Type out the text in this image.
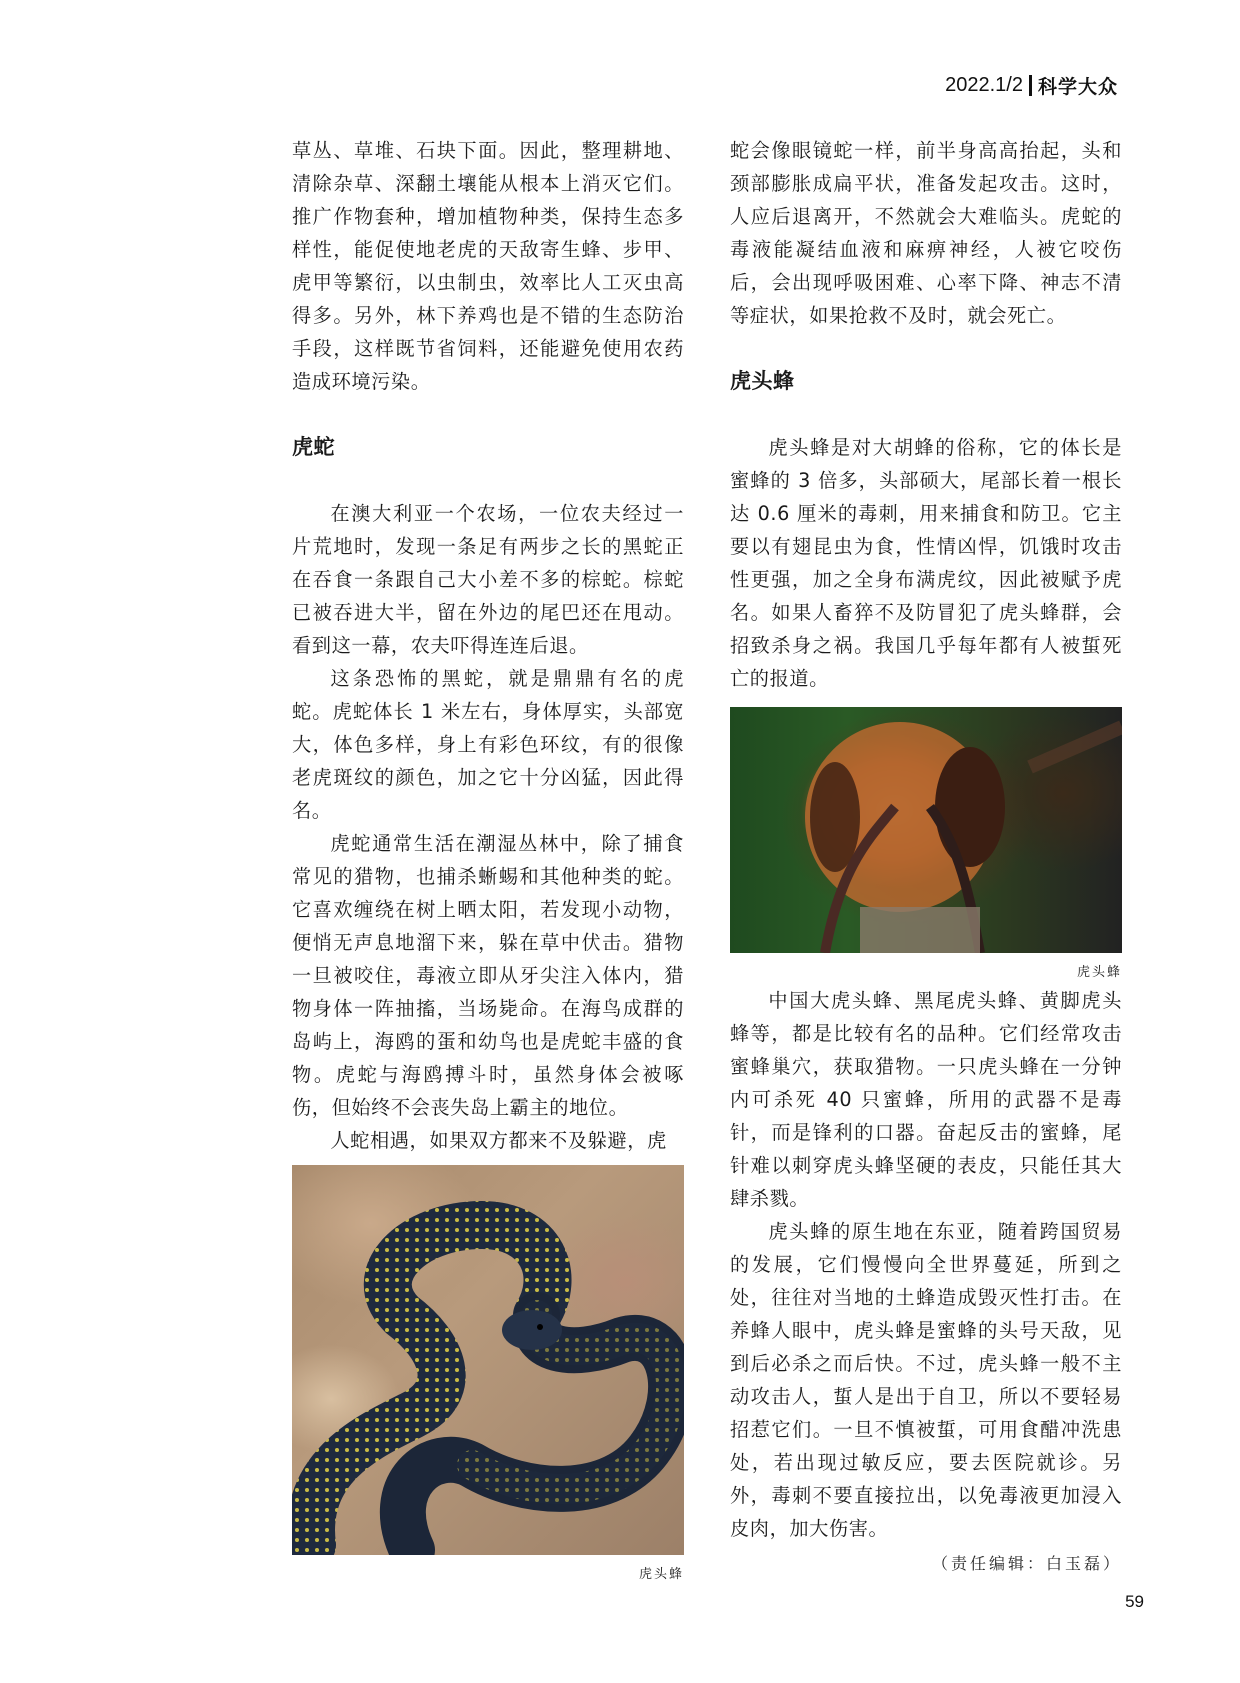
2022.1/2 科学大众

草丛、草堆、石块下面。因此，整理耕地、清除杂草、深翻土壤能从根本上消灭它们。推广作物套种，增加植物种类，保持生态多样性，能促使地老虎的天敌寄生蜂、步甲、虎甲等繁衍，以虫制虫，效率比人工灭虫高得多。另外，林下养鸡也是不错的生态防治手段，这样既节省饲料，还能避免使用农药造成环境污染。

虎蛇

在澳大利亚一个农场，一位农夫经过一片荒地时，发现一条足有两步之长的黑蛇正在吞食一条跟自己大小差不多的棕蛇。棕蛇已被吞进大半，留在外边的尾巴还在甩动。看到这一幕，农夫吓得连连后退。

这条恐怖的黑蛇，就是鼎鼎有名的虎蛇。虎蛇体长 1 米左右，身体厚实，头部宽大，体色多样，身上有彩色环纹，有的很像老虎斑纹的颜色，加之它十分凶猛，因此得名。

虎蛇通常生活在潮湿丛林中，除了捕食常见的猎物，也捕杀蜥蜴和其他种类的蛇。它喜欢缠绕在树上晒太阳，若发现小动物，便悄无声息地溜下来，躲在草中伏击。猎物一旦被咬住，毒液立即从牙尖注入体内，猎物身体一阵抽搐，当场毙命。在海鸟成群的岛屿上，海鸥的蛋和幼鸟也是虎蛇丰盛的食物。虎蛇与海鸥搏斗时，虽然身体会被啄伤，但始终不会丧失岛上霸主的地位。

人蛇相遇，如果双方都来不及躲避，虎

虎头蜂

蛇会像眼镜蛇一样，前半身高高抬起，头和颈部膨胀成扁平状，准备发起攻击。这时，人应后退离开，不然就会大难临头。虎蛇的毒液能凝结血液和麻痹神经，人被它咬伤后，会出现呼吸困难、心率下降、神志不清等症状，如果抢救不及时，就会死亡。

虎头蜂

虎头蜂是对大胡蜂的俗称，它的体长是蜜蜂的 3 倍多，头部硕大，尾部长着一根长达 0.6 厘米的毒刺，用来捕食和防卫。它主要以有翅昆虫为食，性情凶悍，饥饿时攻击性更强，加之全身布满虎纹，因此被赋予虎名。如果人畜猝不及防冒犯了虎头蜂群，会招致杀身之祸。我国几乎每年都有人被蜇死亡的报道。

虎头蜂

中国大虎头蜂、黑尾虎头蜂、黄脚虎头蜂等，都是比较有名的品种。它们经常攻击蜜蜂巢穴，获取猎物。一只虎头蜂在一分钟内可杀死 40 只蜜蜂，所用的武器不是毒针，而是锋利的口器。奋起反击的蜜蜂，尾针难以刺穿虎头蜂坚硬的表皮，只能任其大肆杀戮。

虎头蜂的原生地在东亚，随着跨国贸易的发展，它们慢慢向全世界蔓延，所到之处，往往对当地的土蜂造成毁灭性打击。在养蜂人眼中，虎头蜂是蜜蜂的头号天敌，见到后必杀之而后快。不过，虎头蜂一般不主动攻击人，蜇人是出于自卫，所以不要轻易招惹它们。一旦不慎被蜇，可用食醋冲洗患处，若出现过敏反应，要去医院就诊。另外，毒刺不要直接拉出，以免毒液更加浸入皮肉，加大伤害。

（责任编辑：白玉磊）
59
